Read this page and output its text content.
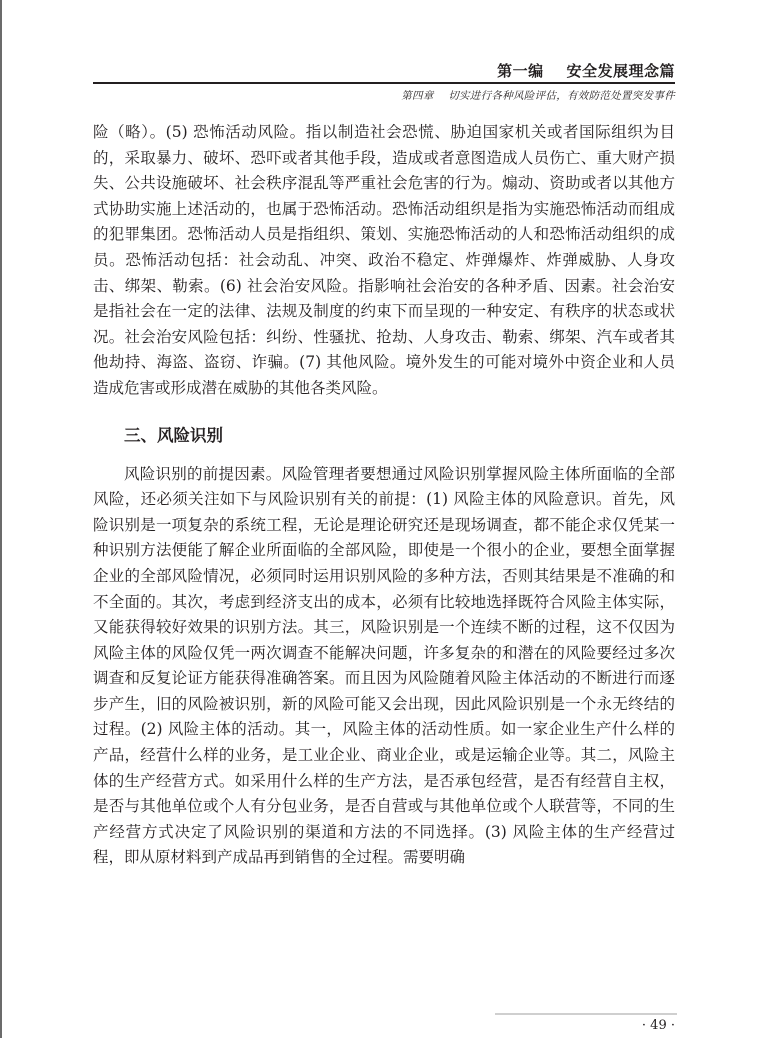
第一编    安全发展理念篇
第四章    切实进行各种风险评估，有效防范处置突发事件

险（略）。(5) 恐怖活动风险。指以制造社会恐慌、胁迫国家机关或者国际组织为目的，采取暴力、破坏、恐吓或者其他手段，造成或者意图造成人员伤亡、重大财产损失、公共设施破坏、社会秩序混乱等严重社会危害的行为。煽动、资助或者以其他方式协助实施上述活动的，也属于恐怖活动。恐怖活动组织是指为实施恐怖活动而组成的犯罪集团。恐怖活动人员是指组织、策划、实施恐怖活动的人和恐怖活动组织的成员。恐怖活动包括：社会动乱、冲突、政治不稳定、炸弹爆炸、炸弹威胁、人身攻击、绑架、勒索。(6) 社会治安风险。指影响社会治安的各种矛盾、因素。社会治安是指社会在一定的法律、法规及制度的约束下而呈现的一种安定、有秩序的状态或状况。社会治安风险包括：纠纷、性骚扰、抢劫、人身攻击、勒索、绑架、汽车或者其他劫持、海盗、盗窃、诈骗。(7) 其他风险。境外发生的可能对境外中资企业和人员造成危害或形成潜在威胁的其他各类风险。

三、风险识别

风险识别的前提因素。风险管理者要想通过风险识别掌握风险主体所面临的全部风险，还必须关注如下与风险识别有关的前提：(1) 风险主体的风险意识。首先，风险识别是一项复杂的系统工程，无论是理论研究还是现场调查，都不能企求仅凭某一种识别方法便能了解企业所面临的全部风险，即使是一个很小的企业，要想全面掌握企业的全部风险情况，必须同时运用识别风险的多种方法，否则其结果是不准确的和不全面的。其次，考虑到经济支出的成本，必须有比较地选择既符合风险主体实际，又能获得较好效果的识别方法。其三，风险识别是一个连续不断的过程，这不仅因为风险主体的风险仅凭一两次调查不能解决问题，许多复杂的和潜在的风险要经过多次调查和反复论证方能获得准确答案。而且因为风险随着风险主体活动的不断进行而逐步产生，旧的风险被识别，新的风险可能又会出现，因此风险识别是一个永无终结的过程。(2) 风险主体的活动。其一，风险主体的活动性质。如一家企业生产什么样的产品，经营什么样的业务，是工业企业、商业企业，或是运输企业等。其二，风险主体的生产经营方式。如采用什么样的生产方法，是否承包经营，是否有经营自主权，是否与其他单位或个人有分包业务，是否自营或与其他单位或个人联营等，不同的生产经营方式决定了风险识别的渠道和方法的不同选择。(3) 风险主体的生产经营过程，即从原材料到产成品再到销售的全过程。需要明确

· 49 ·
